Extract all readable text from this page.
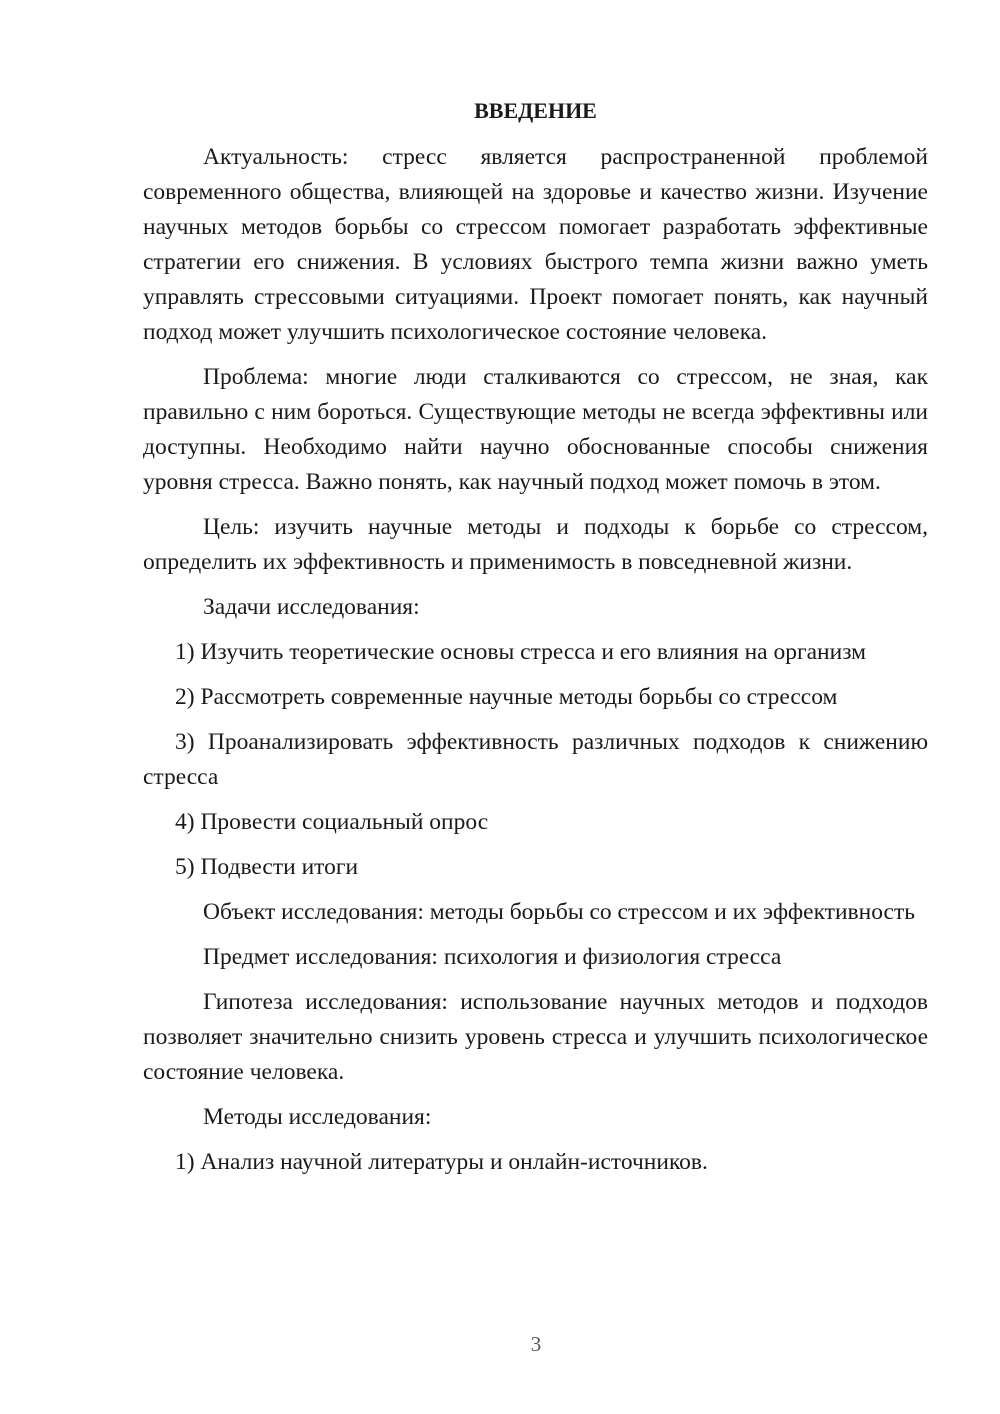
ВВЕДЕНИЕ

Актуальность: стресс является распространенной проблемой современного общества, влияющей на здоровье и качество жизни. Изучение научных методов борьбы со стрессом помогает разработать эффективные стратегии его снижения. В условиях быстрого темпа жизни важно уметь управлять стрессовыми ситуациями. Проект помогает понять, как научный подход может улучшить психологическое состояние человека.

Проблема: многие люди сталкиваются со стрессом, не зная, как правильно с ним бороться. Существующие методы не всегда эффективны или доступны. Необходимо найти научно обоснованные способы снижения уровня стресса. Важно понять, как научный подход может помочь в этом.

Цель: изучить научные методы и подходы к борьбе со стрессом, определить их эффективность и применимость в повседневной жизни.

Задачи исследования:

1) Изучить теоретические основы стресса и его влияния на организм

2) Рассмотреть современные научные методы борьбы со стрессом

3) Проанализировать эффективность различных подходов к снижению стресса

4) Провести социальный опрос

5) Подвести итоги

Объект исследования: методы борьбы со стрессом и их эффективность

Предмет исследования: психология и физиология стресса

Гипотеза исследования: использование научных методов и подходов позволяет значительно снизить уровень стресса и улучшить психологическое состояние человека.

Методы исследования:

1) Анализ научной литературы и онлайн-источников.

3
